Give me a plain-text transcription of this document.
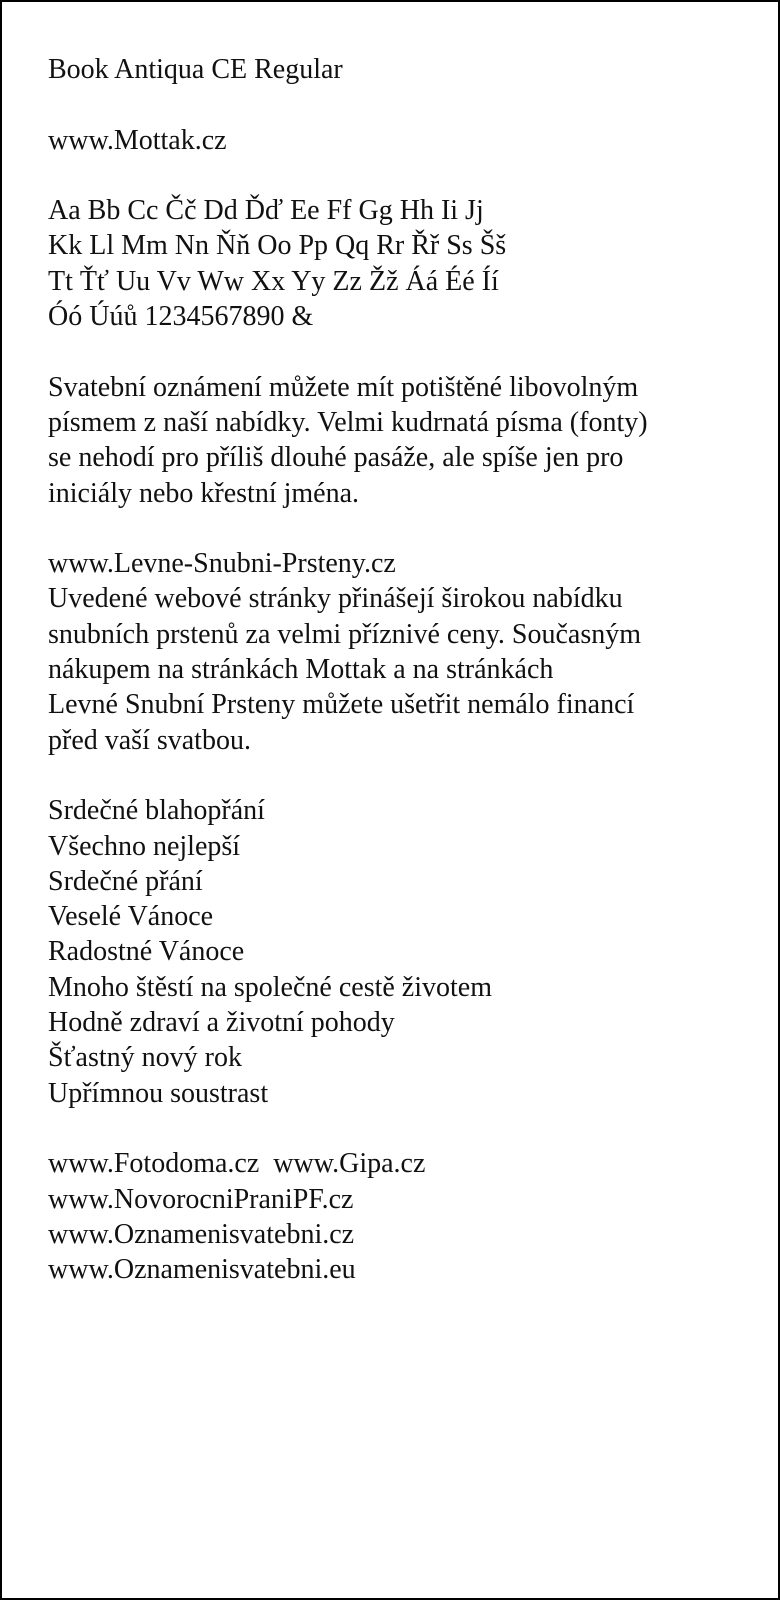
Book Antiqua CE Regular
www.Mottak.cz
Aa Bb Cc Čč Dd Ďď Ee Ff Gg Hh Ii Jj
Kk Ll Mm Nn Ňň Oo Pp Qq Rr Řř Ss Šš
Tt Ťť Uu Vv Ww Xx Yy Zz Žž Áá Éé Íí
Óó Úúů 1234567890 &
Svatební oznámení můžete mít potištěné libovolným
písmem z naší nabídky. Velmi kudrnatá písma (fonty)
se nehodí pro příliš dlouhé pasáže, ale spíše jen pro
iniciály nebo křestní jména.
www.Levne-Snubni-Prsteny.cz
Uvedené webové stránky přinášejí širokou nabídku
snubních prstenů za velmi příznivé ceny. Současným
nákupem na stránkách Mottak a na stránkách
Levné Snubní Prsteny můžete ušetřit nemálo financí
před vaší svatbou.
Srdečné blahopřání
Všechno nejlepší
Srdečné přání
Veselé Vánoce
Radostné Vánoce
Mnoho štěstí na společné cestě životem
Hodně zdraví a životní pohody
Šťastný nový rok
Upřímnou soustrast
www.Fotodoma.cz  www.Gipa.cz
www.NovorocniPraniPF.cz
www.Oznamenisvatebni.cz
www.Oznamenisvatebni.eu
